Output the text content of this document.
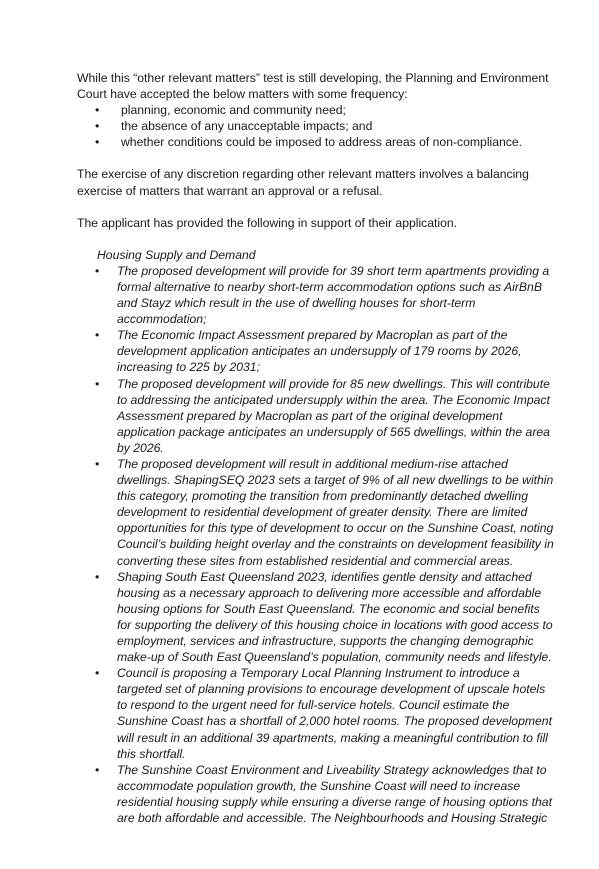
While this “other relevant matters” test is still developing, the Planning and Environment Court have accepted the below matters with some frequency:

• planning, economic and community need;
• the absence of any unacceptable impacts; and
• whether conditions could be imposed to address areas of non-compliance.

The exercise of any discretion regarding other relevant matters involves a balancing exercise of matters that warrant an approval or a refusal.

The applicant has provided the following in support of their application.

Housing Supply and Demand

• The proposed development will provide for 39 short term apartments providing a formal alternative to nearby short-term accommodation options such as AirBnB and Stayz which result in the use of dwelling houses for short-term accommodation;
• The Economic Impact Assessment prepared by Macroplan as part of the development application anticipates an undersupply of 179 rooms by 2026, increasing to 225 by 2031;
• The proposed development will provide for 85 new dwellings. This will contribute to addressing the anticipated undersupply within the area. The Economic Impact Assessment prepared by Macroplan as part of the original development application package anticipates an undersupply of 565 dwellings, within the area by 2026.
• The proposed development will result in additional medium-rise attached dwellings. ShapingSEQ 2023 sets a target of 9% of all new dwellings to be within this category, promoting the transition from predominantly detached dwelling development to residential development of greater density. There are limited opportunities for this type of development to occur on the Sunshine Coast, noting Council’s building height overlay and the constraints on development feasibility in converting these sites from established residential and commercial areas.
• Shaping South East Queensland 2023, identifies gentle density and attached housing as a necessary approach to delivering more accessible and affordable housing options for South East Queensland. The economic and social benefits for supporting the delivery of this housing choice in locations with good access to employment, services and infrastructure, supports the changing demographic make-up of South East Queensland’s population, community needs and lifestyle.
• Council is proposing a Temporary Local Planning Instrument to introduce a targeted set of planning provisions to encourage development of upscale hotels to respond to the urgent need for full-service hotels. Council estimate the Sunshine Coast has a shortfall of 2,000 hotel rooms. The proposed development will result in an additional 39 apartments, making a meaningful contribution to fill this shortfall.
• The Sunshine Coast Environment and Liveability Strategy acknowledges that to accommodate population growth, the Sunshine Coast will need to increase residential housing supply while ensuring a diverse range of housing options that are both affordable and accessible. The Neighbourhoods and Housing Strategic
